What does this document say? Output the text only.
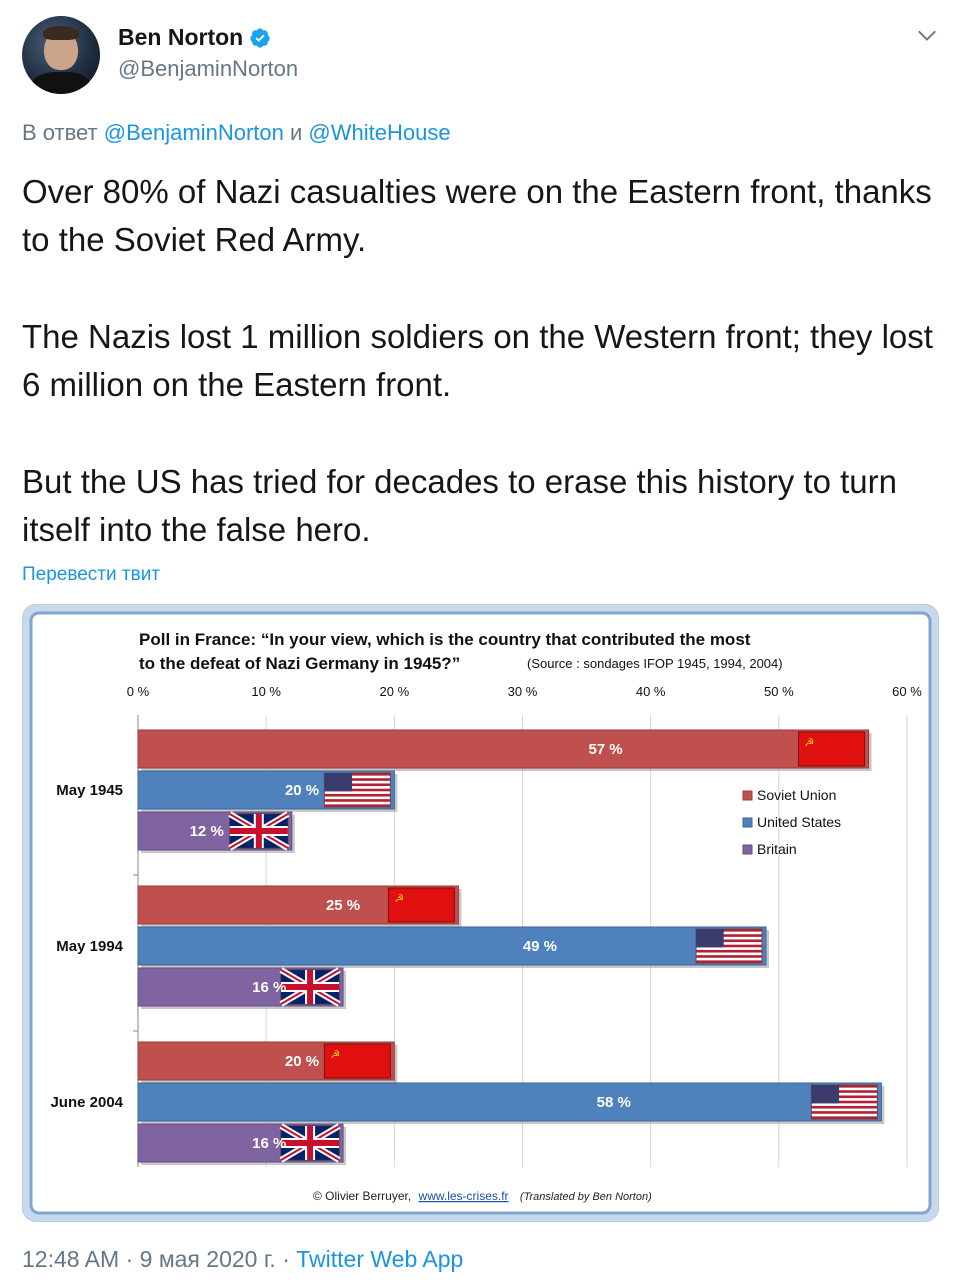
Ben Norton
@BenjaminNorton
В ответ @BenjaminNorton и @WhiteHouse

Over 80% of Nazi casualties were on the Eastern front, thanks to the Soviet Red Army.

The Nazis lost 1 million soldiers on the Western front; they lost 6 million on the Eastern front.

But the US has tried for decades to erase this history to turn itself into the false hero.

Перевести твит
Poll in France: “In your view, which is the country that contributed the most
to the defeat of Nazi Germany in 1945?”	(Source : sondages IFOP 1945, 1994, 2004)
☭
57 %
20 %
12 %
☭
25 %
49 %
16 %
☭
20 %
58 %
16 %
0 %	10 %	20 %	30 %	40 %	50 %	60 %
May 1945
May 1994
June 2004
Soviet Union
United States
Britain
© Olivier Berruyer, www.les-crises.fr (Translated by Ben Norton)
12:48 AM · 9 мая 2020 г. · Twitter Web App
